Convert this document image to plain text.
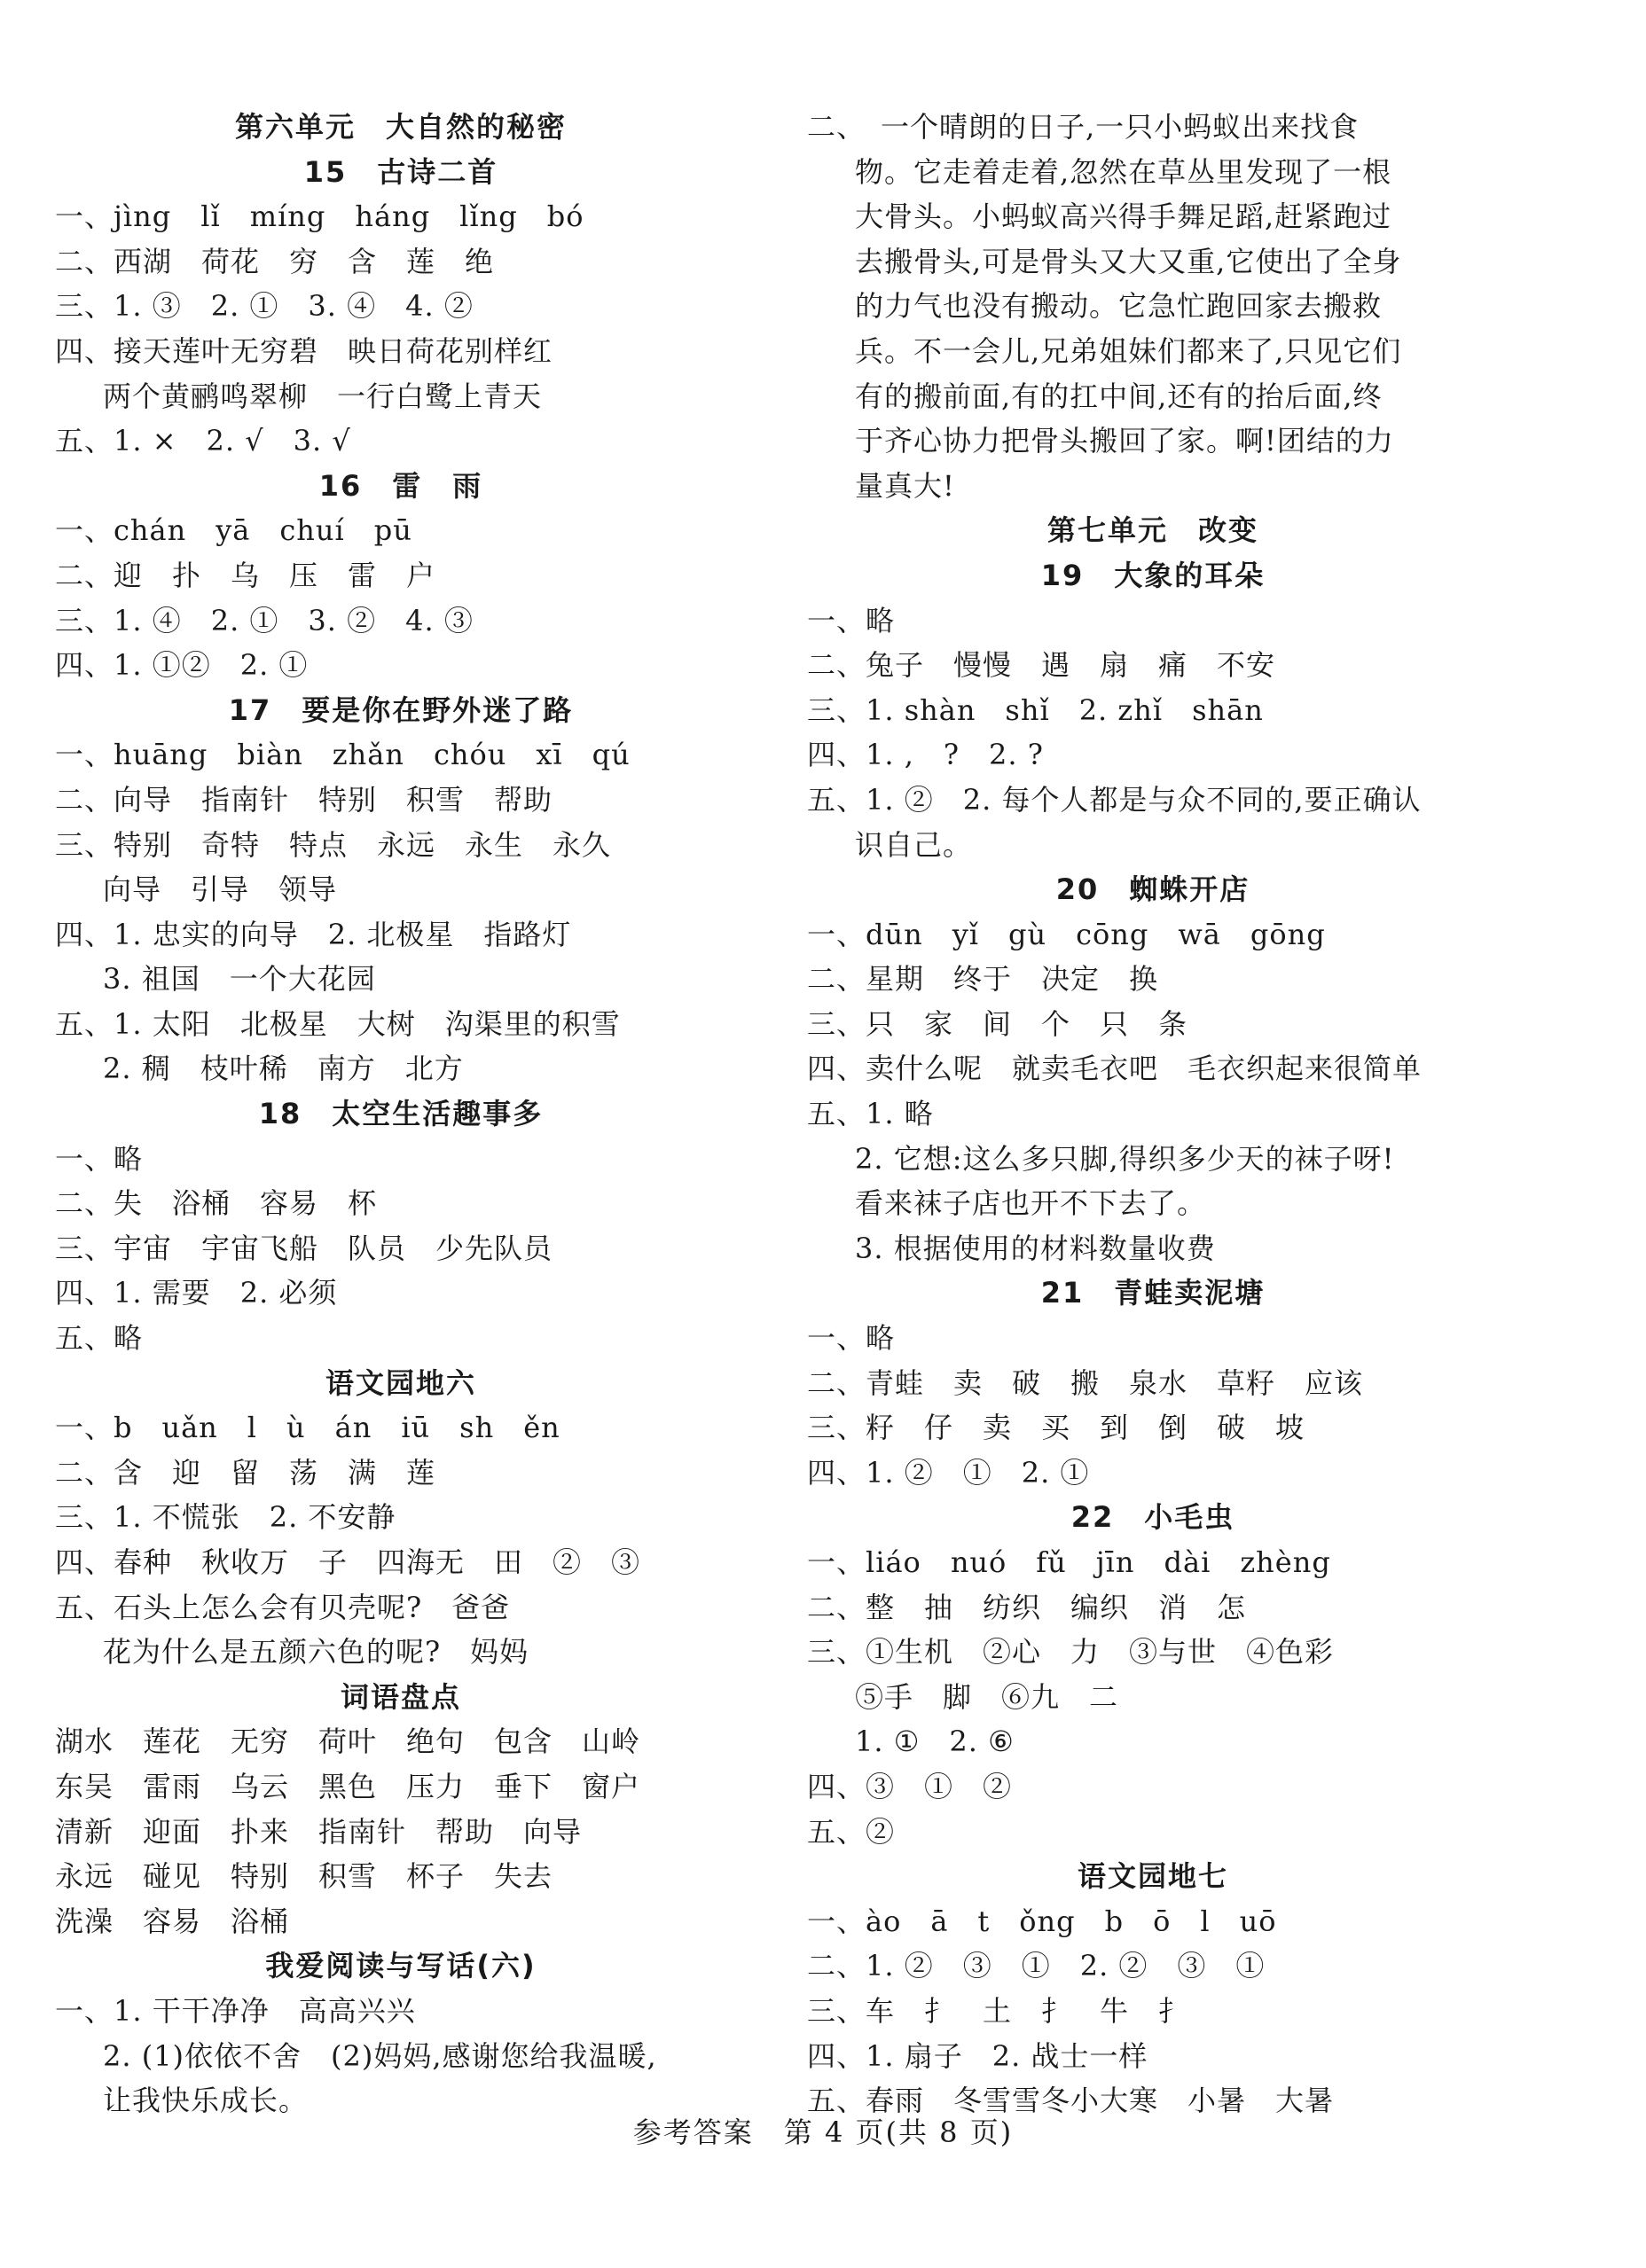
第六单元　大自然的秘密
15　古诗二首
一、jìng　lǐ　míng　háng　lǐng　bó
二、西湖　荷花　穷　含　莲　绝
三、1. ③　2. ①　3. ④　4. ②
四、接天莲叶无穷碧　映日荷花别样红
两个黄鹂鸣翠柳　一行白鹭上青天
五、1. ×　2. √　3. √
16　雷　雨
一、chán　yā　chuí　pū
二、迎　扑　乌　压　雷　户
三、1. ④　2. ①　3. ②　4. ③
四、1. ①②　2. ①
17　要是你在野外迷了路
一、huāng　biàn　zhǎn　chóu　xī　qú
二、向导　指南针　特别　积雪　帮助
三、特别　奇特　特点　永远　永生　永久
向导　引导　领导
四、1. 忠实的向导　2. 北极星　指路灯
3. 祖国　一个大花园
五、1. 太阳　北极星　大树　沟渠里的积雪
2. 稠　枝叶稀　南方　北方
18　太空生活趣事多
一、略
二、失　浴桶　容易　杯
三、宇宙　宇宙飞船　队员　少先队员
四、1. 需要　2. 必须
五、略
语文园地六
一、b　uǎn　l　ù　án　iū　sh　ěn
二、含　迎　留　荡　满　莲
三、1. 不慌张　2. 不安静
四、春种　秋收万　子　四海无　田　②　③
五、石头上怎么会有贝壳呢?　爸爸
花为什么是五颜六色的呢?　妈妈
词语盘点
湖水　莲花　无穷　荷叶　绝句　包含　山岭
东吴　雷雨　乌云　黑色　压力　垂下　窗户
清新　迎面　扑来　指南针　帮助　向导
永远　碰见　特别　积雪　杯子　失去
洗澡　容易　浴桶
我爱阅读与写话(六)
一、1. 干干净净　高高兴兴
2. (1)依依不舍　(2)妈妈,感谢您给我温暖,
让我快乐成长。
二、　一个晴朗的日子,一只小蚂蚁出来找食
物。它走着走着,忽然在草丛里发现了一根
大骨头。小蚂蚁高兴得手舞足蹈,赶紧跑过
去搬骨头,可是骨头又大又重,它使出了全身
的力气也没有搬动。它急忙跑回家去搬救
兵。不一会儿,兄弟姐妹们都来了,只见它们
有的搬前面,有的扛中间,还有的抬后面,终
于齐心协力把骨头搬回了家。啊!团结的力
量真大!
第七单元　改变
19　大象的耳朵
一、略
二、兔子　慢慢　遇　扇　痛　不安
三、1. shàn　shǐ　2. zhǐ　shān
四、1. ,　?　2. ?
五、1. ②　2. 每个人都是与众不同的,要正确认
识自己。
20　蜘蛛开店
一、dūn　yǐ　gù　cōng　wā　gōng
二、星期　终于　决定　换
三、只　家　间　个　只　条
四、卖什么呢　就卖毛衣吧　毛衣织起来很简单
五、1. 略
2. 它想:这么多只脚,得织多少天的袜子呀!
看来袜子店也开不下去了。
3. 根据使用的材料数量收费
21　青蛙卖泥塘
一、略
二、青蛙　卖　破　搬　泉水　草籽　应该
三、籽　仔　卖　买　到　倒　破　坡
四、1. ②　①　2. ①
22　小毛虫
一、liáo　nuó　fǔ　jīn　dài　zhèng
二、整　抽　纺织　编织　消　怎
三、①生机　②心　力　③与世　④色彩
⑤手　脚　⑥九　二
1. ①　2. ⑥
四、③　①　②
五、②
语文园地七
一、ào　ā　t　ǒng　b　ō　l　uō
二、1. ②　③　①　2. ②　③　①
三、车　扌　土　扌　牛　扌
四、1. 扇子　2. 战士一样
五、春雨　冬雪雪冬小大寒　小暑　大暑
参考答案　第 4 页(共 8 页)
